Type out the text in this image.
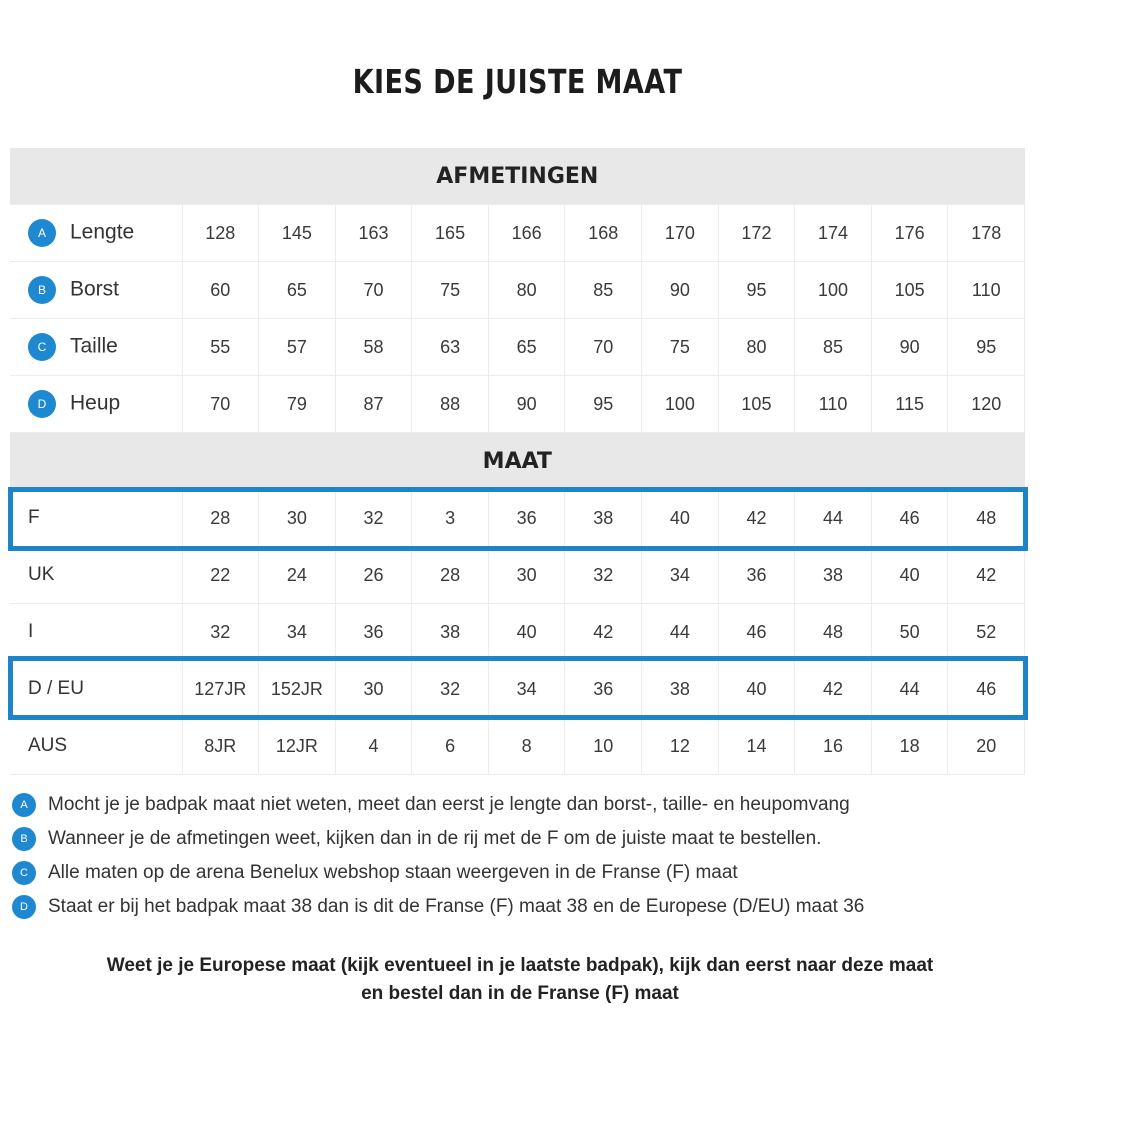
KIES DE JUISTE MAAT
AFMETINGEN											
A Lengte	128	145	163	165	166	168	170	172	174	176	178
B Borst	60	65	70	75	80	85	90	95	100	105	110
C Taille	55	57	58	63	65	70	75	80	85	90	95
D Heup	70	79	87	88	90	95	100	105	110	115	120
MAAT											
F	28	30	32	3	36	38	40	42	44	46	48
UK	22	24	26	28	30	32	34	36	38	40	42
I	32	34	36	38	40	42	44	46	48	50	52
D / EU	127JR	152JR	30	32	34	36	38	40	42	44	46
AUS	8JR	12JR	4	6	8	10	12	14	16	18	20
A	Mocht je je badpak maat niet weten, meet dan eerst je lengte dan borst-, taille- en heupomvang
B	Wanneer je de afmetingen weet, kijken dan in de rij met de F om de juiste maat te bestellen.
C	Alle maten op de arena Benelux webshop staan weergeven in de Franse (F) maat
D	Staat er bij het badpak maat 38 dan is dit de Franse (F) maat 38 en de Europese (D/EU) maat 36
Weet je je Europese maat (kijk eventueel in je laatste badpak), kijk dan eerst naar deze maat
en bestel dan in de Franse (F) maat
